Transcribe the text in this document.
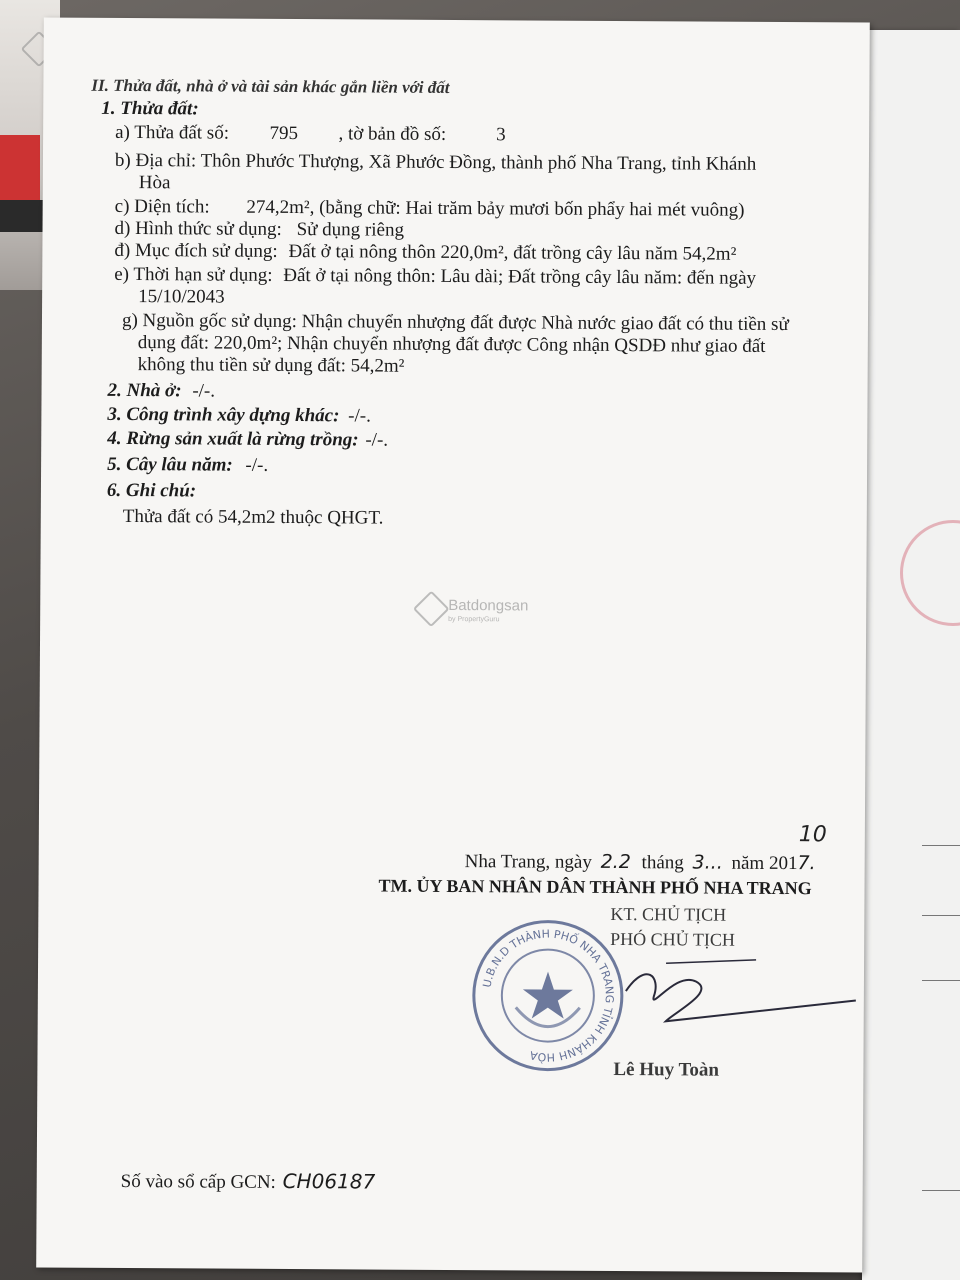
II. Thửa đất, nhà ở và tài sản khác gắn liền với đất
1. Thửa đất:
a) Thửa đất số: 795 , tờ bản đồ số:	3
b) Địa chỉ: Thôn Phước Thượng, Xã Phước Đồng, thành phố Nha Trang, tỉnh Khánh
Hòa
c) Diện tích: 274,2m², (bằng chữ: Hai trăm bảy mươi bốn phẩy hai mét vuông)
d) Hình thức sử dụng: Sử dụng riêng
đ) Mục đích sử dụng: Đất ở tại nông thôn 220,0m², đất trồng cây lâu năm 54,2m²
e) Thời hạn sử dụng: Đất ở tại nông thôn: Lâu dài; Đất trồng cây lâu năm: đến ngày
15/10/2043
g) Nguồn gốc sử dụng: Nhận chuyển nhượng đất được Nhà nước giao đất có thu tiền sử
dụng đất: 220,0m²; Nhận chuyển nhượng đất được Công nhận QSDĐ như giao đất
không thu tiền sử dụng đất: 54,2m²
2. Nhà ở: -/-.
3. Công trình xây dựng khác: -/-.
4. Rừng sản xuất là rừng trồng: -/-.
5. Cây lâu năm: -/-.
6. Ghi chú:
Thửa đất có 54,2m2 thuộc QHGT.
Batdongsan
by PropertyGuru
Nha Trang, ngày 2.2 tháng 3... năm 2017.
10
TM. ỦY BAN NHÂN DÂN THÀNH PHỐ NHA TRANG
KT. CHỦ TỊCH
PHÓ CHỦ TỊCH
U.B.N.D THÀNH PHỐ NHA TRANG TỈNH KHÁNH HÒA
Lê Huy Toàn
Số vào sổ cấp GCN: CH06187
